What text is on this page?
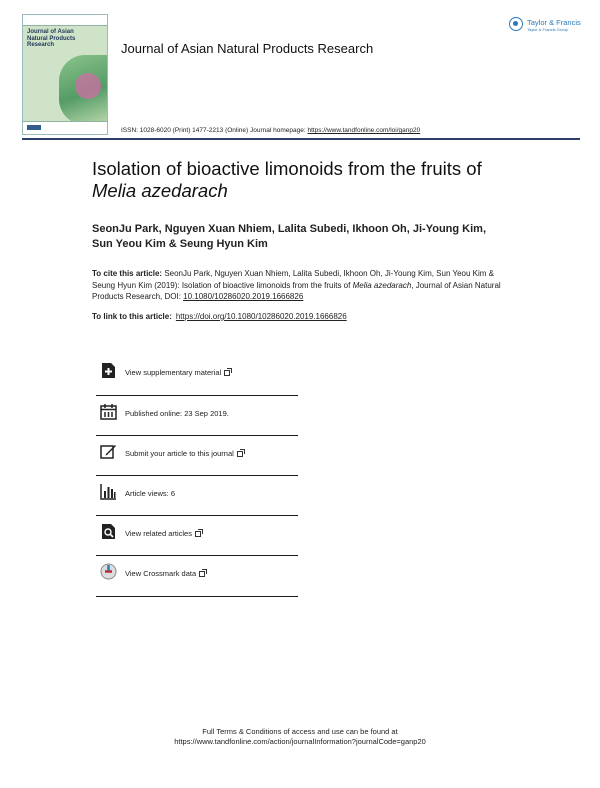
Journal of Asian Natural Products Research	Journal of Asian Natural Products Research
Taylor & Francis
Taylor & Francis Group
ISSN: 1028-6020 (Print) 1477-2213 (Online) Journal homepage: https://www.tandfonline.com/loi/ganp20
Isolation of bioactive limonoids from the fruits of
Melia azedarach
SeonJu Park, Nguyen Xuan Nhiem, Lalita Subedi, Ikhoon Oh, Ji-Young Kim,
Sun Yeou Kim & Seung Hyun Kim
To cite this article: SeonJu Park, Nguyen Xuan Nhiem, Lalita Subedi, Ikhoon Oh, Ji-Young Kim, Sun Yeou Kim & Seung Hyun Kim (2019): Isolation of bioactive limonoids from the fruits of Melia azedarach, Journal of Asian Natural Products Research, DOI: 10.1080/10286020.2019.1666826
To link to this article: https://doi.org/10.1080/10286020.2019.1666826
View supplementary material
Published online: 23 Sep 2019.
Submit your article to this journal
Article views: 6
View related articles
View Crossmark data
Full Terms & Conditions of access and use can be found at
https://www.tandfonline.com/action/journalInformation?journalCode=ganp20
